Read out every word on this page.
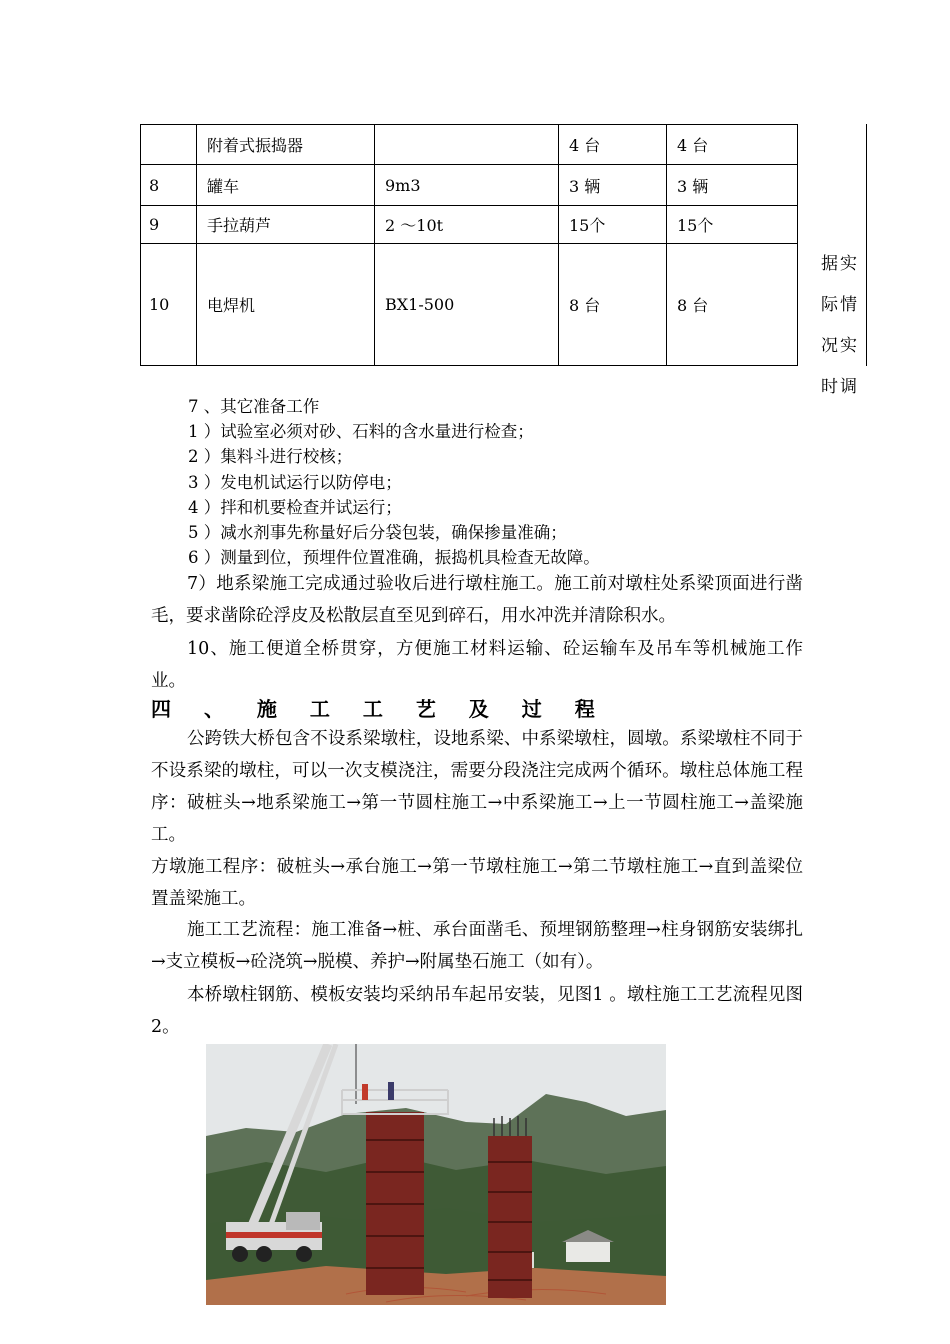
	附着式振捣器		4 台	4 台
8	罐车	9m3	3 辆	3 辆
9	手拉葫芦	2 ～10t	15个	15个
10	电焊机	BX1-500	8 台	8 台
据实
际情
况实
时调
7 、其它准备工作
1 ）试验室必须对砂、石料的含水量进行检查；
2 ）集料斗进行校核；
3 ）发电机试运行以防停电；
4 ）拌和机要检查并试运行；
5 ）减水剂事先称量好后分袋包装，确保掺量准确；
6 ）测量到位，预埋件位置准确，振捣机具检查无故障。
7）地系梁施工完成通过验收后进行墩柱施工。施工前对墩柱处系梁顶面进行凿毛，要求凿除砼浮皮及松散层直至见到碎石，用水冲洗并清除积水。
10、施工便道全桥贯穿，方便施工材料运输、砼运输车及吊车等机械施工作业。
四 、 施 工 工 艺 及 过 程
公跨铁大桥包含不设系梁墩柱，设地系梁、中系梁墩柱，圆墩。系梁墩柱不同于不设系梁的墩柱，可以一次支模浇注，需要分段浇注完成两个循环。墩柱总体施工程序：破桩头→地系梁施工→第一节圆柱施工→中系梁施工→上一节圆柱施工→盖梁施工。
方墩施工程序：破桩头→承台施工→第一节墩柱施工→第二节墩柱施工→直到盖梁位置盖梁施工。
施工工艺流程：施工准备→桩、承台面凿毛、预埋钢筋整理→柱身钢筋安装绑扎→支立模板→砼浇筑→脱模、养护→附属垫石施工（如有）。
本桥墩柱钢筋、模板安装均采纳吊车起吊安装，见图1 。墩柱施工工艺流程见图2。
